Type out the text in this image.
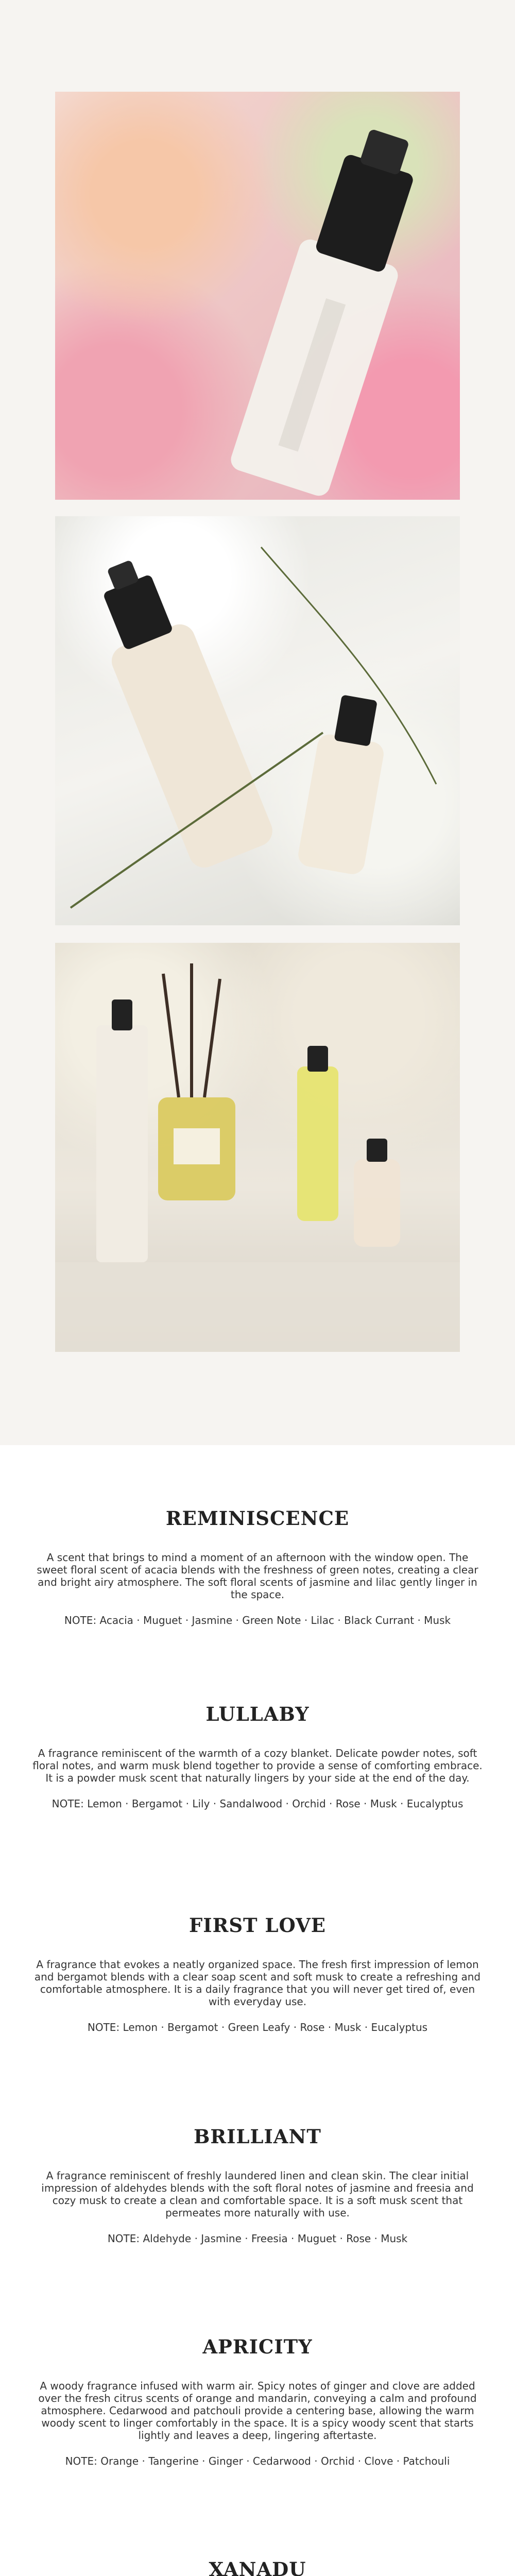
REMINISCENCE
A scent that brings to mind a moment of an afternoon with the window open. The sweet floral scent of acacia blends with the freshness of green notes, creating a clear and bright airy atmosphere. The soft floral scents of jasmine and lilac gently linger in the space.
NOTE: Acacia · Muguet · Jasmine · Green Note · Lilac · Black Currant · Musk
LULLABY
A fragrance reminiscent of the warmth of a cozy blanket. Delicate powder notes, soft floral notes, and warm musk blend together to provide a sense of comforting embrace. It is a powder musk scent that naturally lingers by your side at the end of the day.
NOTE: Lemon · Bergamot · Lily · Sandalwood · Orchid · Rose · Musk · Eucalyptus
FIRST LOVE
A fragrance that evokes a neatly organized space. The fresh first impression of lemon and bergamot blends with a clear soap scent and soft musk to create a refreshing and comfortable atmosphere. It is a daily fragrance that you will never get tired of, even with everyday use.
NOTE: Lemon · Bergamot · Green Leafy · Rose · Musk · Eucalyptus
BRILLIANT
A fragrance reminiscent of freshly laundered linen and clean skin. The clear initial impression of aldehydes blends with the soft floral notes of jasmine and freesia and cozy musk to create a clean and comfortable space. It is a soft musk scent that permeates more naturally with use.
NOTE: Aldehyde · Jasmine · Freesia · Muguet · Rose · Musk
APRICITY
A woody fragrance infused with warm air. Spicy notes of ginger and clove are added over the fresh citrus scents of orange and mandarin, conveying a calm and profound atmosphere. Cedarwood and patchouli provide a centering base, allowing the warm woody scent to linger comfortably in the space. It is a spicy woody scent that starts lightly and leaves a deep, lingering aftertaste.
NOTE: Orange · Tangerine · Ginger · Cedarwood · Orchid · Clove · Patchouli
XANADU
